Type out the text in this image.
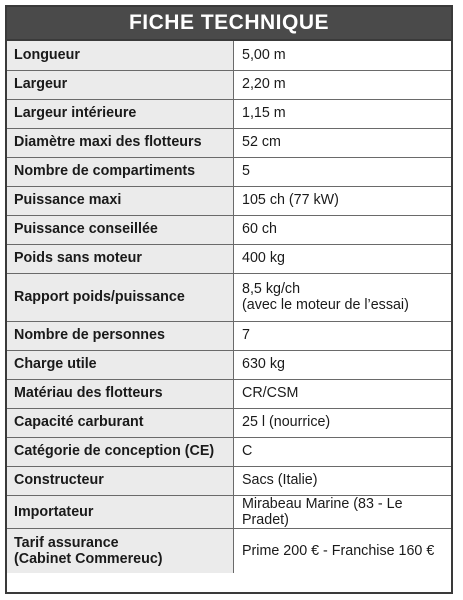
FICHE TECHNIQUE
Longueur	5,00 m
Largeur	2,20 m
Largeur intérieure	1,15 m
Diamètre maxi des flotteurs	52 cm
Nombre de compartiments	5
Puissance maxi	105 ch (77 kW)
Puissance conseillée	60 ch
Poids sans moteur	400 kg
Rapport poids/puissance	8,5 kg/ch
(avec le moteur de l’essai)

Nombre de personnes	7
Charge utile	630 kg
Matériau des flotteurs	CR/CSM
Capacité carburant	25 l (nourrice)
Catégorie de conception (CE)	C
Constructeur	Sacs (Italie)
Importateur	Mirabeau Marine (83 - Le Pradet)

Tarif assurance
(Cabinet Commereuc)	Prime 200 € - Franchise 160 €
